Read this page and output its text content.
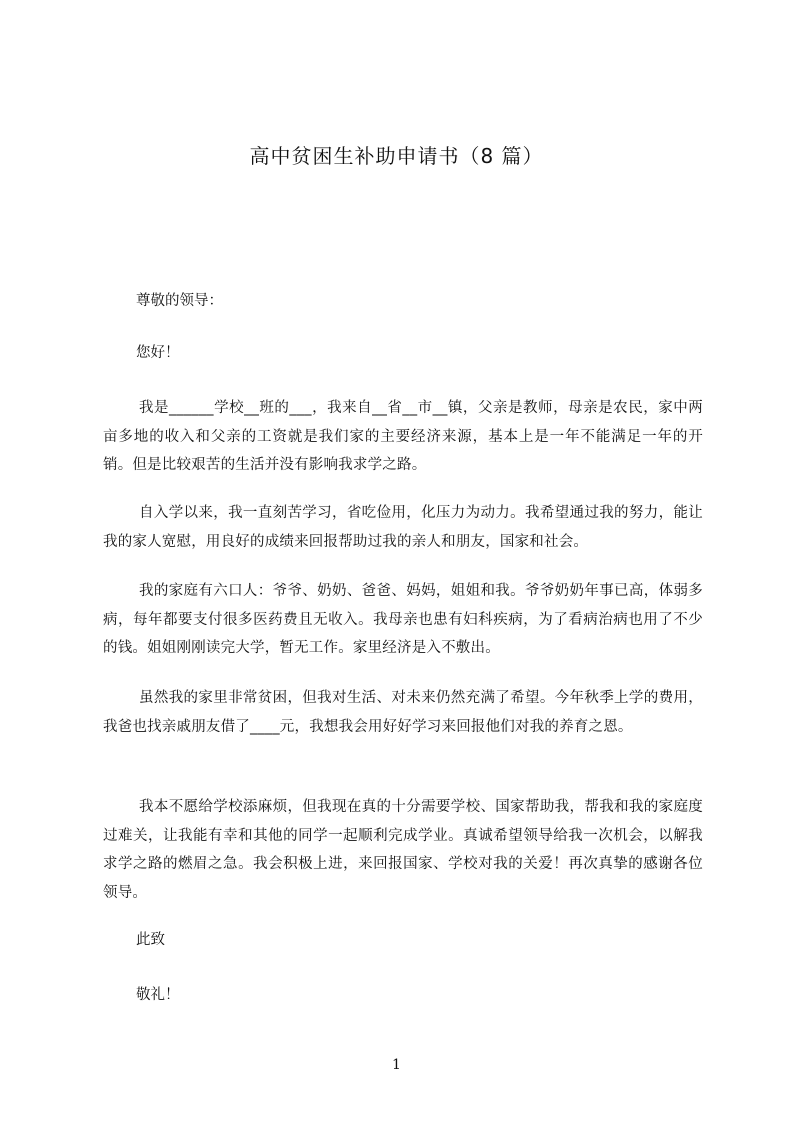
高中贫困生补助申请书（8 篇）
尊敬的领导：
您好！
我是______学校__班的___，我来自__省__市__镇，父亲是教师，母亲是农民，家中两亩多地的收入和父亲的工资就是我们家的主要经济来源，基本上是一年不能满足一年的开销。但是比较艰苦的生活并没有影响我求学之路。
自入学以来，我一直刻苦学习，省吃俭用，化压力为动力。我希望通过我的努力，能让我的家人宽慰，用良好的成绩来回报帮助过我的亲人和朋友，国家和社会。
我的家庭有六口人：爷爷、奶奶、爸爸、妈妈，姐姐和我。爷爷奶奶年事已高，体弱多病，每年都要支付很多医药费且无收入。我母亲也患有妇科疾病，为了看病治病也用了不少的钱。姐姐刚刚读完大学，暂无工作。家里经济是入不敷出。
虽然我的家里非常贫困，但我对生活、对未来仍然充满了希望。今年秋季上学的费用，我爸也找亲戚朋友借了____元，我想我会用好好学习来回报他们对我的养育之恩。
我本不愿给学校添麻烦，但我现在真的十分需要学校、国家帮助我，帮我和我的家庭度过难关，让我能有幸和其他的同学一起顺利完成学业。真诚希望领导给我一次机会，以解我求学之路的燃眉之急。我会积极上进，来回报国家、学校对我的关爱！再次真挚的感谢各位领导。
此致
敬礼！
1
